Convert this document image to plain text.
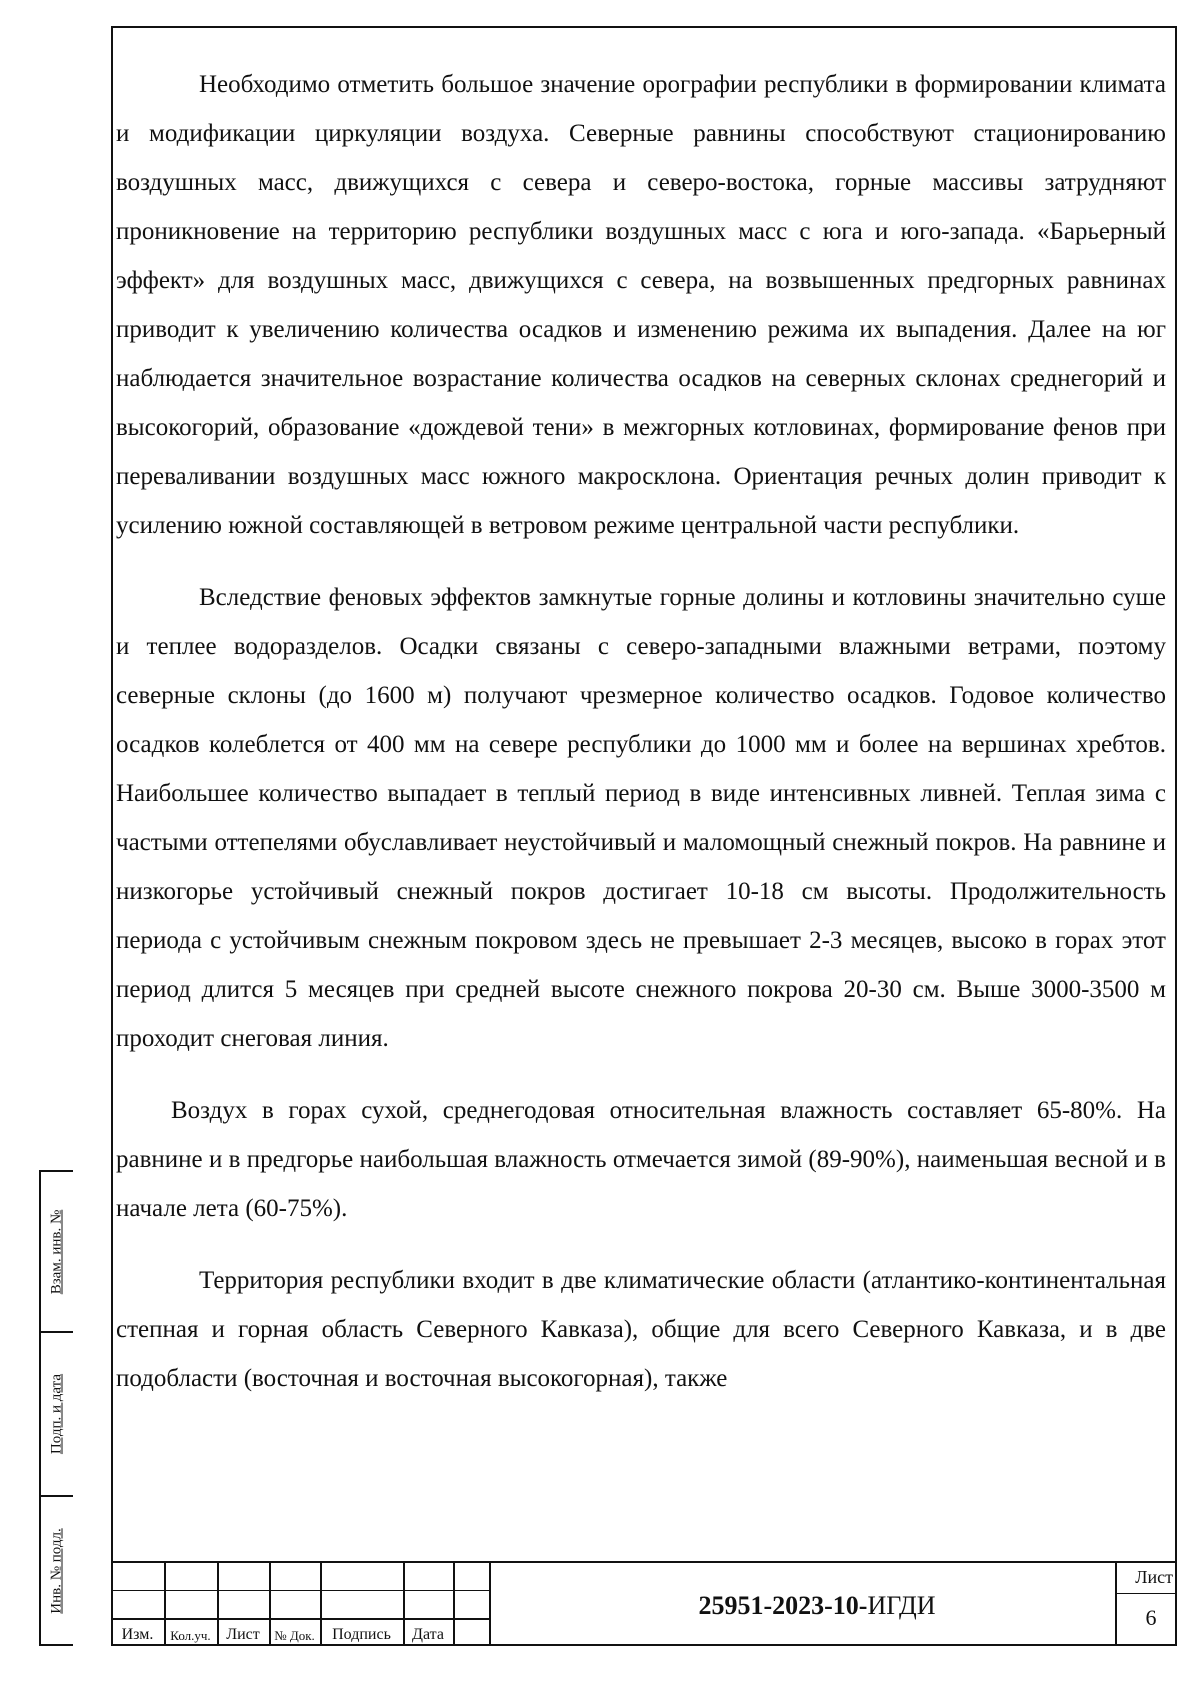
Необходимо отметить большое значение орографии республики в формировании климата и модификации циркуляции воздуха. Северные равнины способствуют стационированию воздушных масс, движущихся с севера и северо-востока, горные массивы затрудняют проникновение на территорию республики воздушных масс с юга и юго-запада. «Барьерный эффект» для воздушных масс, движущихся с севера, на возвышенных предгорных равнинах приводит к увеличению количества осадков и изменению режима их выпадения. Далее на юг наблюдается значительное возрастание количества осадков на северных склонах среднегорий и высокогорий, образование «дождевой тени» в межгорных котловинах, формирование фенов при переваливании воздушных масс южного макросклона. Ориентация речных долин приводит к усилению южной составляющей в ветровом режиме центральной части республики.

Вследствие феновых эффектов замкнутые горные долины и котловины значительно суше и теплее водоразделов. Осадки связаны с северо-западными влажными ветрами, поэтому северные склоны (до 1600 м) получают чрезмерное количество осадков. Годовое количество осадков колеблется от 400 мм на севере республики до 1000 мм и более на вершинах хребтов. Наибольшее количество выпадает в теплый период в виде интенсивных ливней. Теплая зима с частыми оттепелями обуславливает неустойчивый и маломощный снежный покров. На равнине и низкогорье устойчивый снежный покров достигает 10-18 см высоты. Продолжительность периода с устойчивым снежным покровом здесь не превышает 2-3 месяцев, высоко в горах этот период длится 5 месяцев при средней высоте снежного покрова 20-30 см. Выше 3000-3500 м проходит снеговая линия.

Воздух в горах сухой, среднегодовая относительная влажность составляет 65-80%. На равнине и в предгорье наибольшая влажность отмечается зимой (89-90%), наименьшая весной и в начале лета (60-75%).

Территория республики входит в две климатические области (атлантико-континентальная степная и горная область Северного Кавказа), общие для всего Северного Кавказа, и в две подобласти (восточная и восточная высокогорная), также

Взам. инв. №
Подп. и дата
Инв. № подл.
Изм.	Кол.уч. Лист	№ Док.	Подпись	Дата
25951-2023-10-ИГДИ
Лист
6
